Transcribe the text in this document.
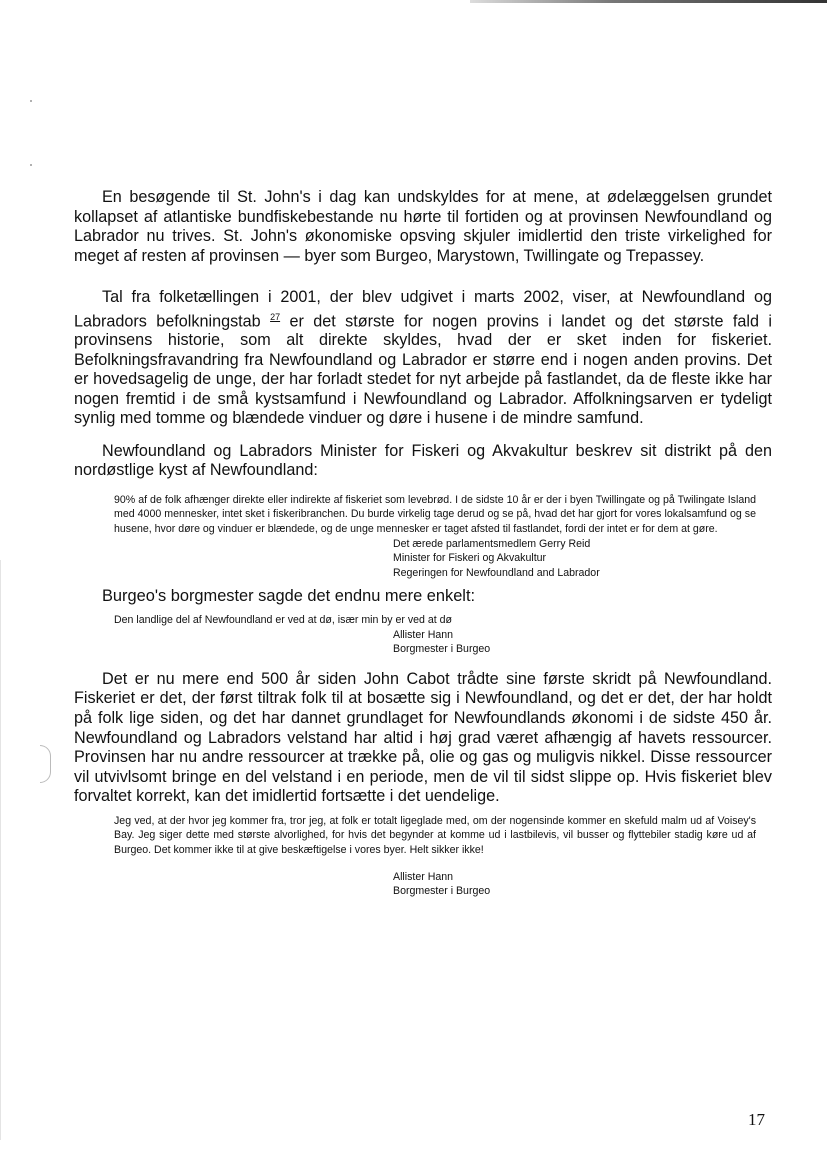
En besøgende til St. John's i dag kan undskyldes for at mene, at ødelæggelsen grundet kollapset af atlantiske bundfiskebestande nu hørte til fortiden og at provinsen Newfoundland og Labrador nu trives. St. John's økonomiske opsving skjuler imidlertid den triste virkelighed for meget af resten af provinsen — byer som Burgeo, Marystown, Twillingate og Trepassey.

Tal fra folketællingen i 2001, der blev udgivet i marts 2002, viser, at Newfoundland og Labradors befolkningstab $^{27}$ er det største for nogen provins i landet og det største fald i provinsens historie, som alt direkte skyldes, hvad der er sket inden for fiskeriet. Befolkningsfravandring fra Newfoundland og Labrador er større end i nogen anden provins. Det er hovedsagelig de unge, der har forladt stedet for nyt arbejde på fastlandet, da de fleste ikke har nogen fremtid i de små kystsamfund i Newfoundland og Labrador. Affolkningsarven er tydeligt synlig med tomme og blændede vinduer og døre i husene i de mindre samfund.

Newfoundland og Labradors Minister for Fiskeri og Akvakultur beskrev sit distrikt på den nordøstlige kyst af Newfoundland:

90% af de folk afhænger direkte eller indirekte af fiskeriet som levebrød. I de sidste 10 år er der i byen Twillingate og på Twilingate Island med 4000 mennesker, intet sket i fiskeribranchen. Du burde virkelig tage derud og se på, hvad det har gjort for vores lokalsamfund og se husene, hvor døre og vinduer er blændede, og de unge mennesker er taget afsted til fastlandet, fordi der intet er for dem at gøre.
Det ærede parlamentsmedlem Gerry Reid
Minister for Fiskeri og Akvakultur
Regeringen for Newfoundland and Labrador

Burgeo's borgmester sagde det endnu mere enkelt:

Den landlige del af Newfoundland er ved at dø, især min by er ved at dø
Allister Hann
Borgmester i Burgeo

Det er nu mere end 500 år siden John Cabot trådte sine første skridt på Newfoundland. Fiskeriet er det, der først tiltrak folk til at bosætte sig i Newfoundland, og det er det, der har holdt på folk lige siden, og det har dannet grundlaget for Newfoundlands økonomi i de sidste 450 år. Newfoundland og Labradors velstand har altid i høj grad været afhængig af havets ressourcer. Provinsen har nu andre ressourcer at trække på, olie og gas og muligvis nikkel. Disse ressourcer vil utvivlsomt bringe en del velstand i en periode, men de vil til sidst slippe op. Hvis fiskeriet blev forvaltet korrekt, kan det imidlertid fortsætte i det uendelige.

Jeg ved, at der hvor jeg kommer fra, tror jeg, at folk er totalt ligeglade med, om der nogensinde kommer en skefuld malm ud af Voisey's Bay. Jeg siger dette med største alvorlighed, for hvis det begynder at komme ud i lastbilevis, vil busser og flyttebiler stadig køre ud af Burgeo. Det kommer ikke til at give beskæftigelse i vores byer. Helt sikker ikke!
Allister Hann
Borgmester i Burgeo
17
